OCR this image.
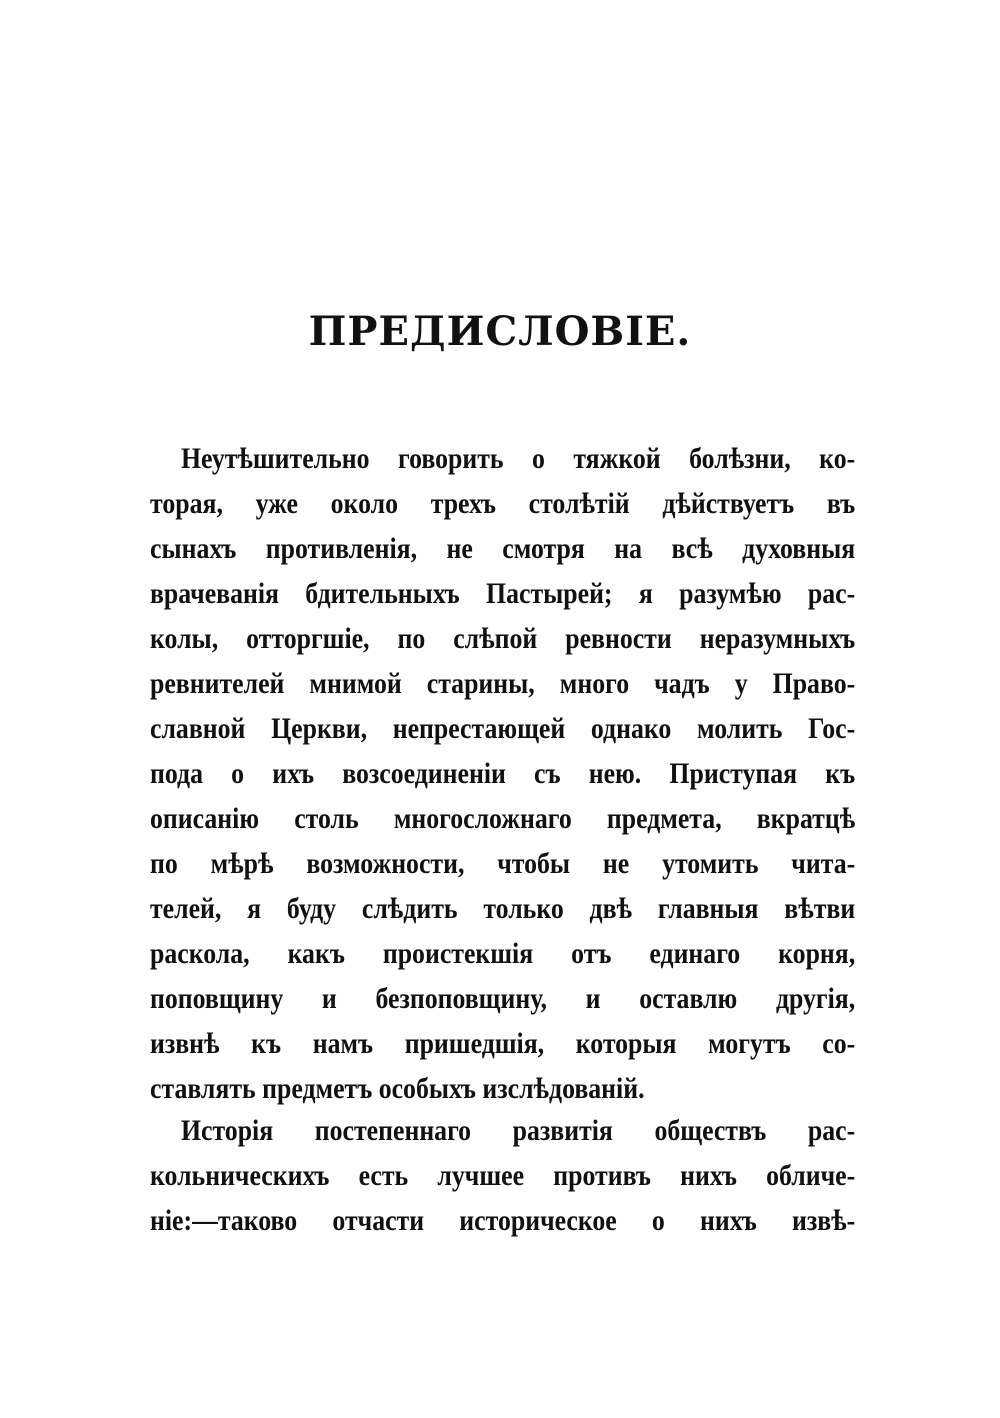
ПРЕДИСЛОВІЕ.
Неутѣшительно говорить о тяжкой болѣзни, ко-
торая, уже около трехъ столѣтій дѣйствуетъ въ
сынахъ противленія, не смотря на всѣ духовныя
врачеванія бдительныхъ Пастырей; я разумѣю рас-
колы, отторгшіе, по слѣпой ревности неразумныхъ
ревнителей мнимой старины, много чадъ у Право-
славной Церкви, непрестающей однако молить Гос-
пода о ихъ возсоединеніи съ нею. Приступая къ
описанію столь многосложнаго предмета, вкратцѣ
по мѣрѣ возможности, чтобы не утомить чита-
телей, я буду слѣдить только двѣ главныя вѣтви
раскола, какъ проистекшія отъ единаго корня,
поповщину и безпоповщину, и оставлю другія,
извнѣ къ намъ пришедшія, которыя могутъ со-
ставлять предметъ особыхъ изслѣдованій.
Исторія постепеннаго развитія обществъ рас-
кольническихъ есть лучшее противъ нихъ обличе-
ніе:—таково отчасти историческое о нихъ извѣ-
